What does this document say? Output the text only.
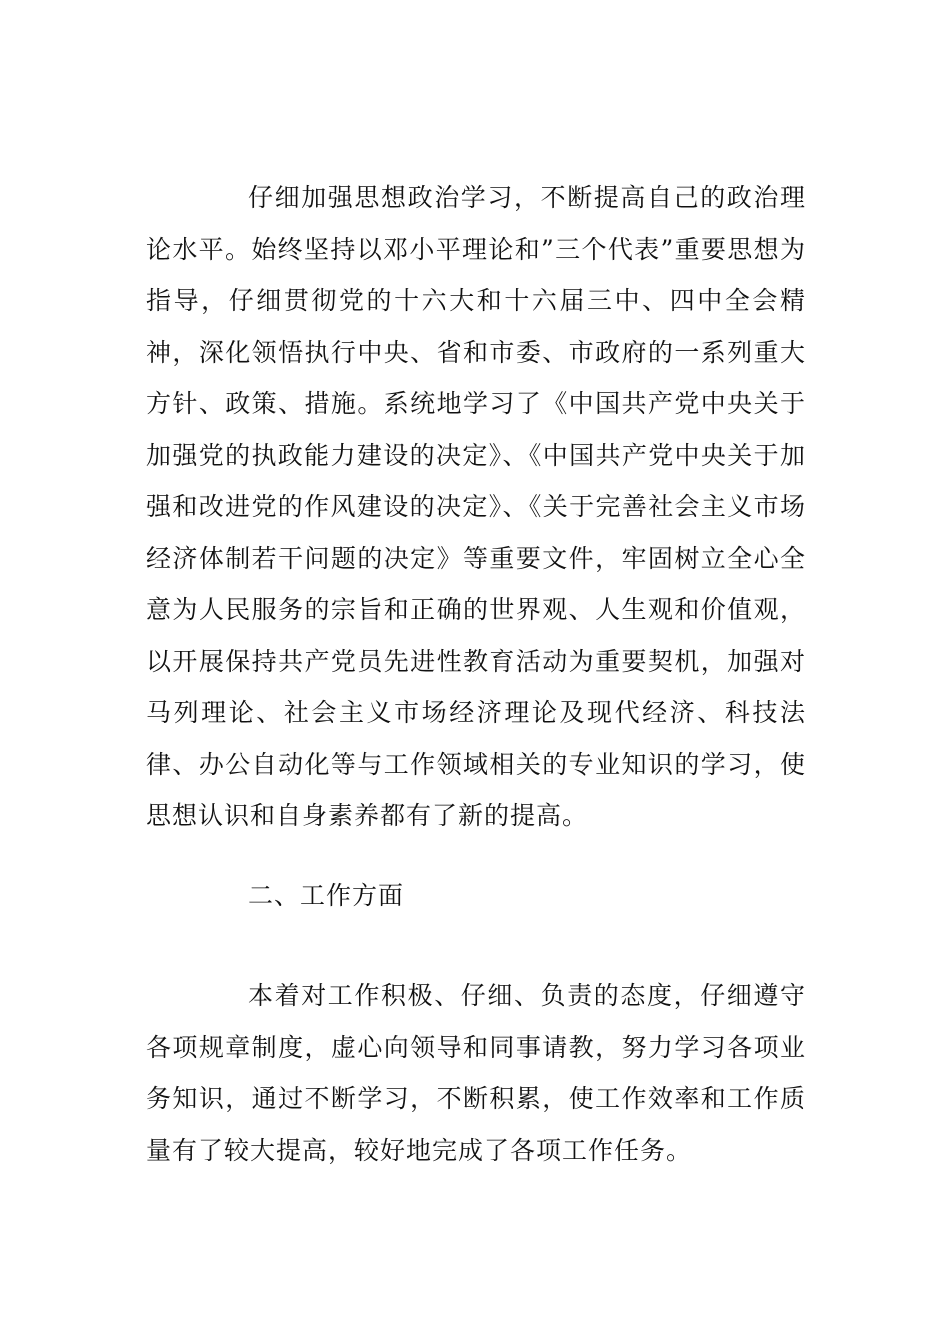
仔细加强思想政治学习，不断提高自己的政治理论水平。始终坚持以邓小平理论和”三个代表”重要思想为指导，仔细贯彻党的十六大和十六届三中、四中全会精神，深化领悟执行中央、省和市委、市政府的一系列重大方针、政策、措施。系统地学习了《中国共产党中央关于加强党的执政能力建设的决定》、《中国共产党中央关于加强和改进党的作风建设的决定》、《关于完善社会主义市场经济体制若干问题的决定》等重要文件，牢固树立全心全意为人民服务的宗旨和正确的世界观、人生观和价值观，以开展保持共产党员先进性教育活动为重要契机，加强对马列理论、社会主义市场经济理论及现代经济、科技法律、办公自动化等与工作领域相关的专业知识的学习，使思想认识和自身素养都有了新的提高。

二、工作方面

本着对工作积极、仔细、负责的态度，仔细遵守各项规章制度，虚心向领导和同事请教，努力学习各项业务知识，通过不断学习，不断积累，使工作效率和工作质量有了较大提高，较好地完成了各项工作任务。
